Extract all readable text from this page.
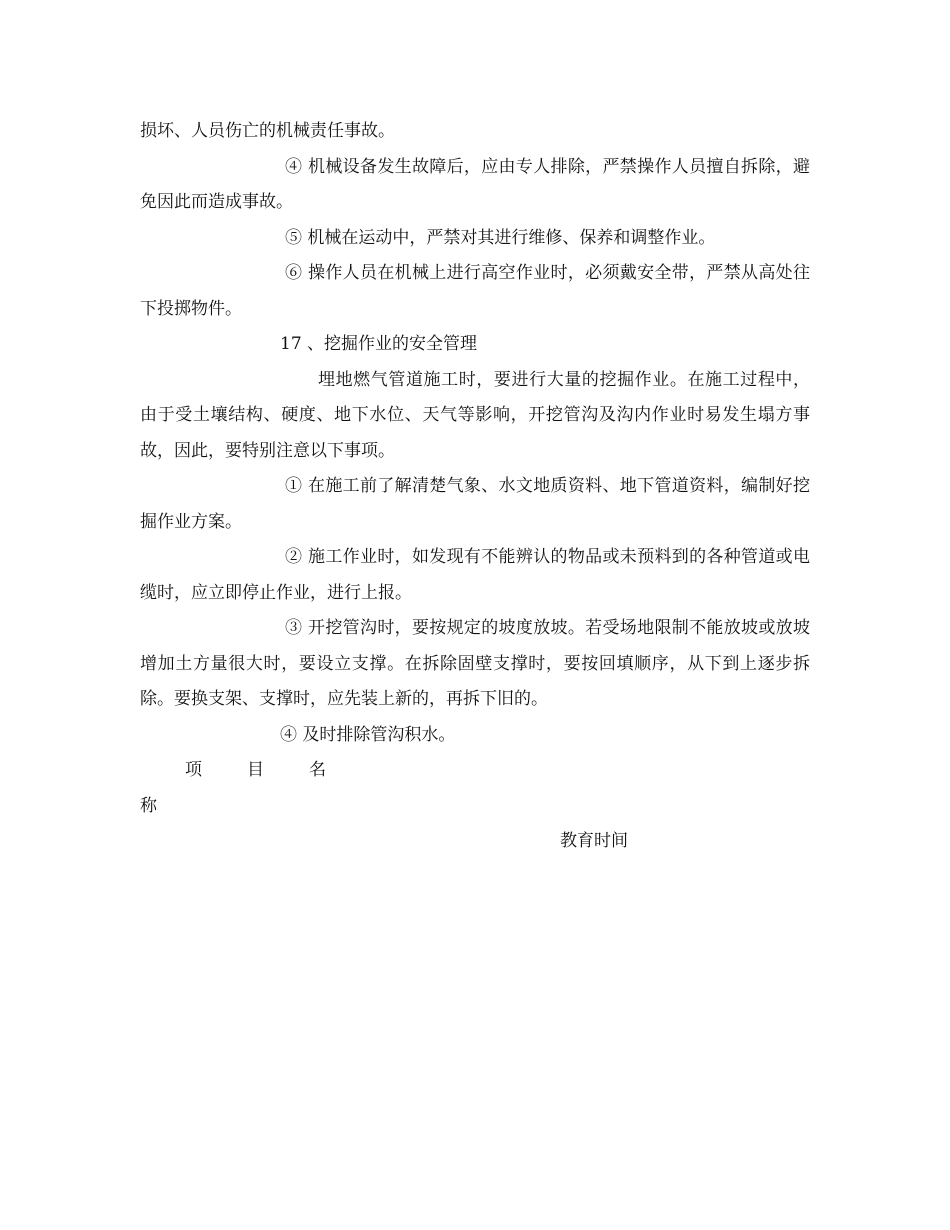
损坏、人员伤亡的机械责任事故。

④ 机械设备发生故障后，应由专人排除，严禁操作人员擅自拆除，避免因此而造成事故。

⑤ 机械在运动中，严禁对其进行维修、保养和调整作业。

⑥ 操作人员在机械上进行高空作业时，必须戴安全带，严禁从高处往下投掷物件。

17 、挖掘作业的安全管理

埋地燃气管道施工时，要进行大量的挖掘作业。在施工过程中，由于受土壤结构、硬度、地下水位、天气等影响，开挖管沟及沟内作业时易发生塌方事故，因此，要特别注意以下事项。

① 在施工前了解清楚气象、水文地质资料、地下管道资料，编制好挖掘作业方案。

② 施工作业时，如发现有不能辨认的物品或未预料到的各种管道或电缆时，应立即停止作业，进行上报。

③ 开挖管沟时，要按规定的坡度放坡。若受场地限制不能放坡或放坡增加土方量很大时，要设立支撑。在拆除固壁支撑时，要按回填顺序，从下到上逐步拆除。要换支架、支撑时，应先装上新的，再拆下旧的。

④ 及时排除管沟积水。

项	目	名

称

教育时间
